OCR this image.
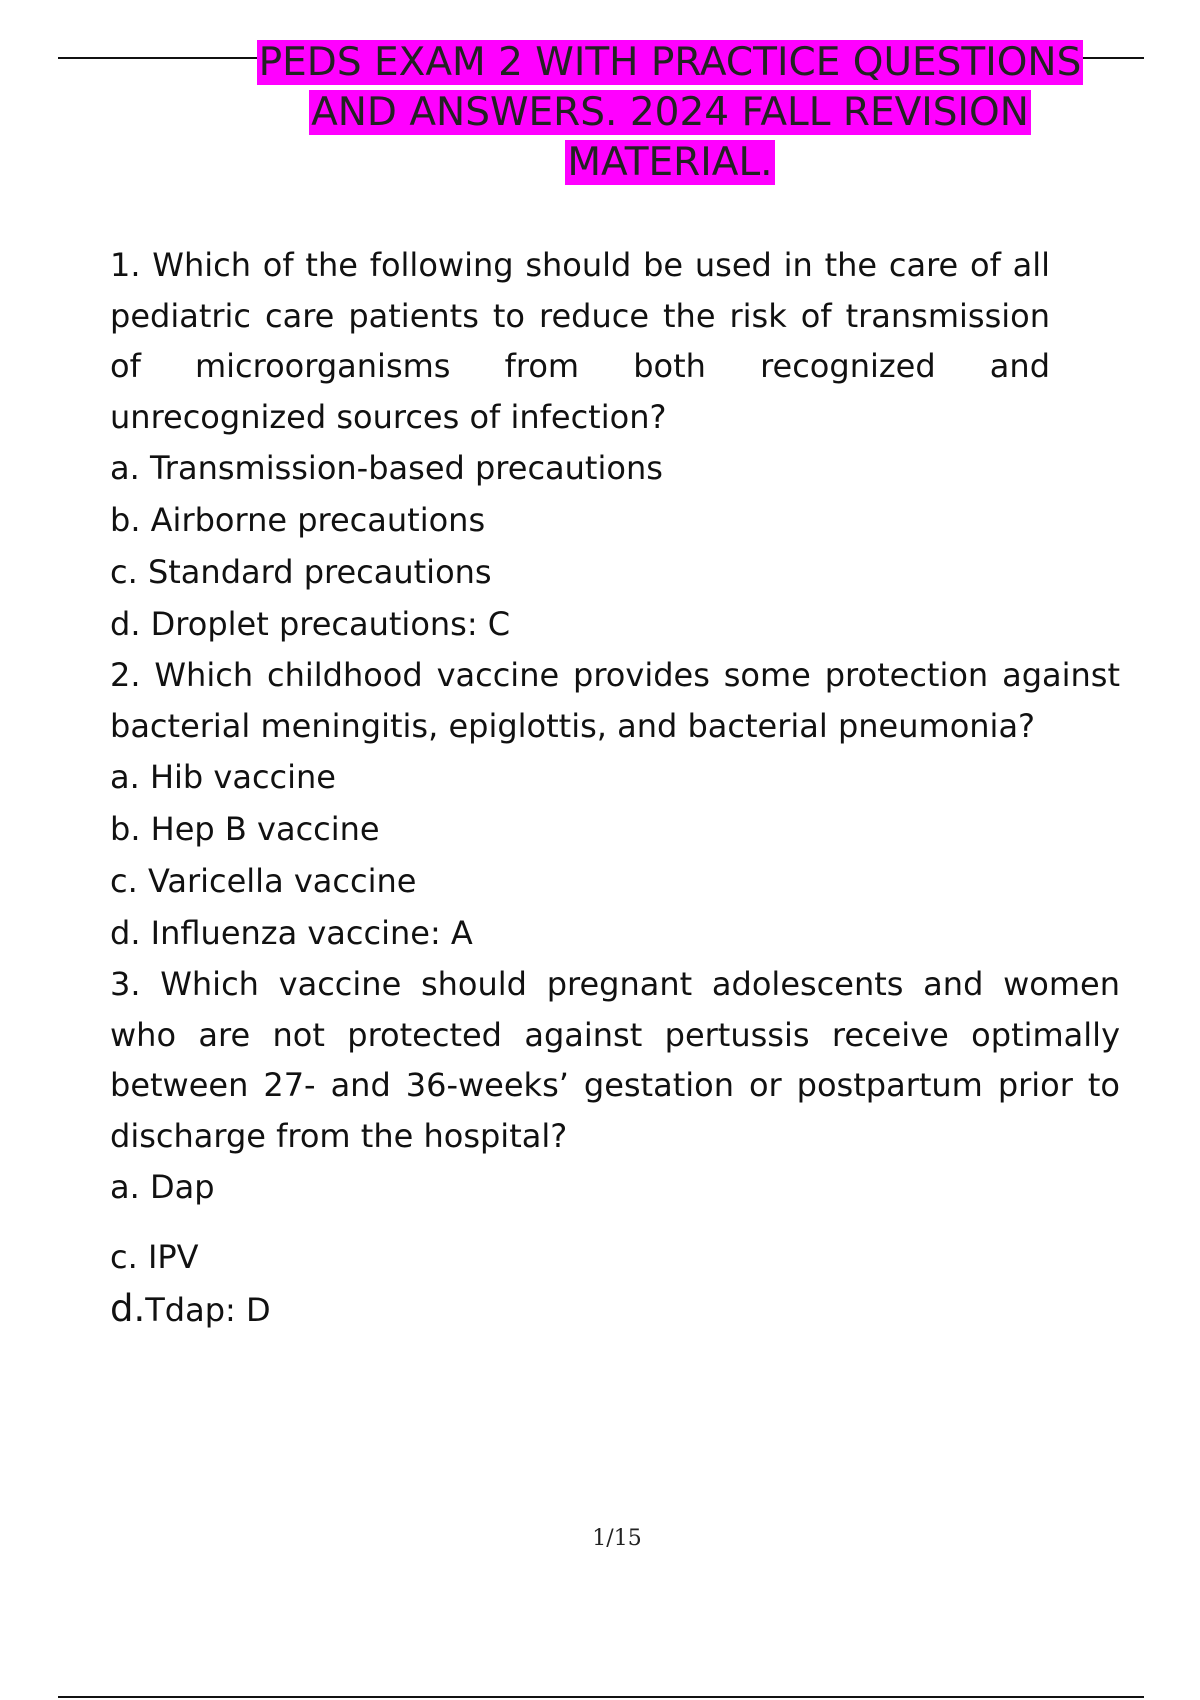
PEDS EXAM 2 WITH PRACTICE QUESTIONS
AND ANSWERS. 2024 FALL REVISION
MATERIAL.

1. Which of the following should be used in the care of all pediatric care patients to reduce the risk of transmission of microorganisms from both recognized and unrecognized sources of infection?

a. Transmission-based precautions

b. Airborne precautions

c. Standard precautions

d. Droplet precautions: C

2. Which childhood vaccine provides some protection against bacterial meningitis, epiglottis, and bacterial pneumonia?

a. Hib vaccine

b. Hep B vaccine

c. Varicella vaccine

d. Influenza vaccine: A

3. Which vaccine should pregnant adolescents and women who are not protected against pertussis receive optimally between 27- and 36-weeks’ gestation or postpartum prior to discharge from the hospital?

a. Dap

c. IPV

d.Tdap: D

1/15
